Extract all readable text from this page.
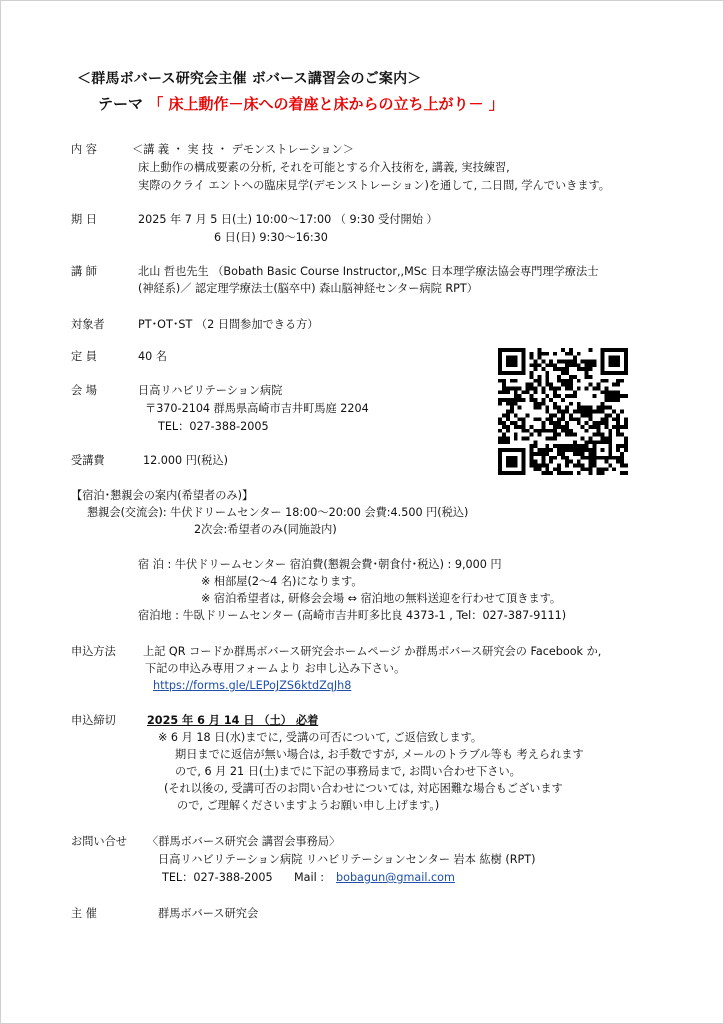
＜群馬ボバース研究会主催 ボバース講習会のご案内＞
テーマ 「 床上動作－床への着座と床からの立ち上がり－ 」
内 容	＜講 義 ・ 実 技 ・ デモンストレーション＞
床上動作の構成要素の分析, それを可能とする介入技術を, 講義, 実技練習,
実際のクライ エントへの臨床見学(デモンストレーション)を通して, 二日間, 学んでいきます。
期 日	2025 年 7 月 5 日(土) 10:00～17:00 （ 9:30 受付開始 ）
6 日(日) 9:30～16:30
講 師	北山 哲也先生 （Bobath Basic Course Instructor,,MSc 日本理学療法協会専門理学療法士
(神経系)／ 認定理学療法士(脳卒中) 森山脳神経センター病院 RPT）
対象者	PT･OT･ST （2 日間参加できる方）
定 員	40 名
会 場	日高リハビリテーション病院
〒370-2104 群馬県高崎市吉井町馬庭 2204
TEL：027-388-2005
受講費	12.000 円(税込)
【宿泊･懇親会の案内(希望者のみ)】
懇親会(交流会): 牛伏ドリームセンター 18:00～20:00 会費:4.500 円(税込)
2次会:希望者のみ(同施設内)
宿 泊 : 牛伏ドリームセンター 宿泊費(懇親会費･朝食付･税込) : 9,000 円
※ 相部屋(2～4 名)になります。
※ 宿泊希望者は, 研修会会場 ⇔ 宿泊地の無料送迎を行わせて頂きます。
宿泊地 : 牛臥ドリームセンター (高崎市吉井町多比良 4373-1 , Tel：027-387-9111)
申込方法 上記 QR コードか群馬ボバース研究会ホームページ か群馬ボバース研究会の Facebook か,
下記の申込み専用フォームより お申し込み下さい。
https://forms.gle/LEPoJZS6ktdZqJh8
申込締切	2025 年 6 月 14 日 （土） 必着
※ 6 月 18 日(水)までに, 受講の可否について, ご返信致します。
期日までに返信が無い場合は, お手数ですが, メールのトラブル等も 考えられます
ので, 6 月 21 日(土)までに下記の事務局まで, お問い合わせ下さい。
(それ以後の, 受講可否のお問い合わせについては, 対応困難な場合もございます
ので, ご理解くださいますようお願い申し上げます。)
お問い合せ 〈群馬ボバース研究会 講習会事務局〉
日高リハビリテーション病院 リハビリテーションセンター 岩本 紘樹 (RPT)
TEL：027-388-2005 Mail : bobagun@gmail.com
主 催	群馬ボバース研究会
